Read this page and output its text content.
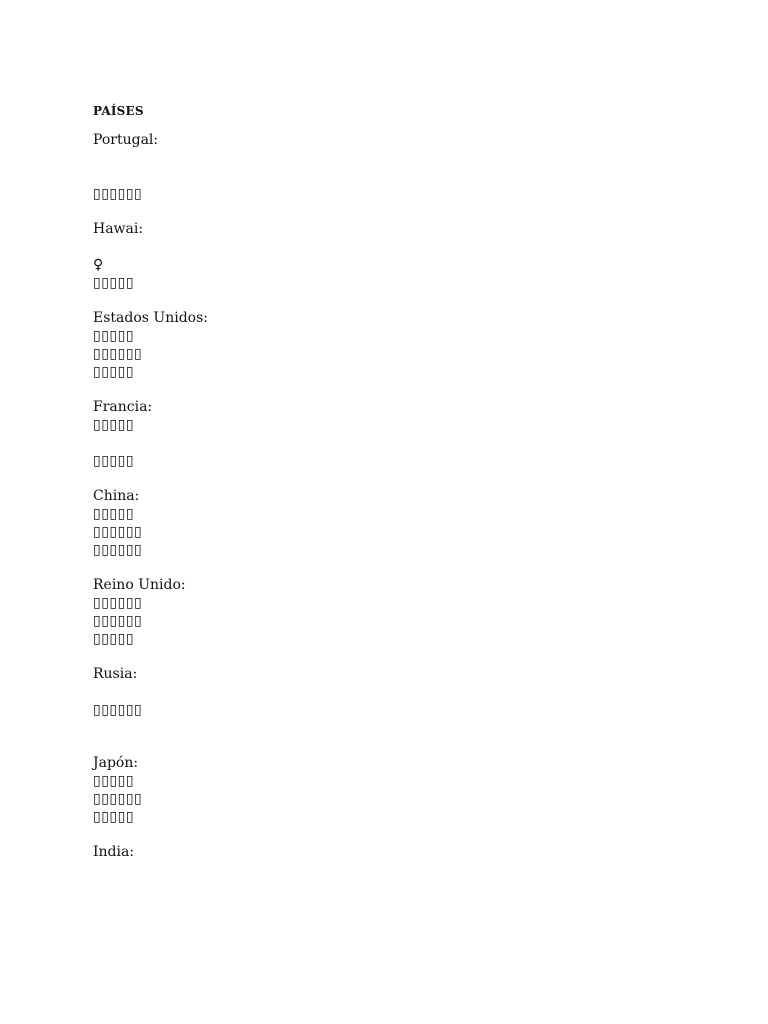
PAÍSES
Portugal:
▯▯▯▯▯▯
Hawai:
♀
▯▯▯▯▯
Estados Unidos:
▯▯▯▯▯
▯▯▯▯▯▯
▯▯▯▯▯
Francia:
▯▯▯▯▯
▯▯▯▯▯
China:
▯▯▯▯▯
▯▯▯▯▯▯
▯▯▯▯▯▯
Reino Unido:
▯▯▯▯▯▯
▯▯▯▯▯▯
▯▯▯▯▯
Rusia:
▯▯▯▯▯▯
Japón:
▯▯▯▯▯
▯▯▯▯▯▯
▯▯▯▯▯
India:
